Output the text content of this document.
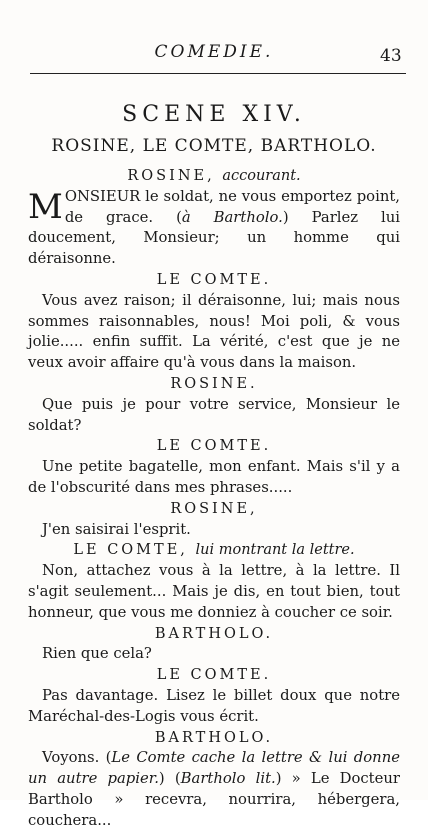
COMEDIE.	43
SCENE XIV.
ROSINE, LE COMTE, BARTHOLO.
ROSINE, accourant.
MONSIEUR le soldat, ne vous emportez point, de grace. (à Bartholo.) Parlez lui doucement, Monsieur; un homme qui déraisonne.
LE COMTE.
Vous avez raison; il déraisonne, lui; mais nous sommes raisonnables, nous! Moi poli, & vous jolie..... enfin suffit. La vérité, c'est que je ne veux avoir affaire qu'à vous dans la maison.
ROSINE.
Que puis je pour votre service, Monsieur le soldat?
LE COMTE.
Une petite bagatelle, mon enfant. Mais s'il y a de l'obscurité dans mes phrases.....
ROSINE,
J'en saisirai l'esprit.
LE COMTE, lui montrant la lettre.
Non, attachez vous à la lettre, à la lettre. Il s'agit seulement... Mais je dis, en tout bien, tout honneur, que vous me donniez à coucher ce soir.
BARTHOLO.
Rien que cela?
LE COMTE.
Pas davantage. Lisez le billet doux que notre Maréchal-des-Logis vous écrit.
BARTHOLO.
Voyons. (Le Comte cache la lettre & lui donne un autre papier.) (Bartholo lit.) » Le Docteur Bartholo » recevra, nourrira, hébergera, couchera...
